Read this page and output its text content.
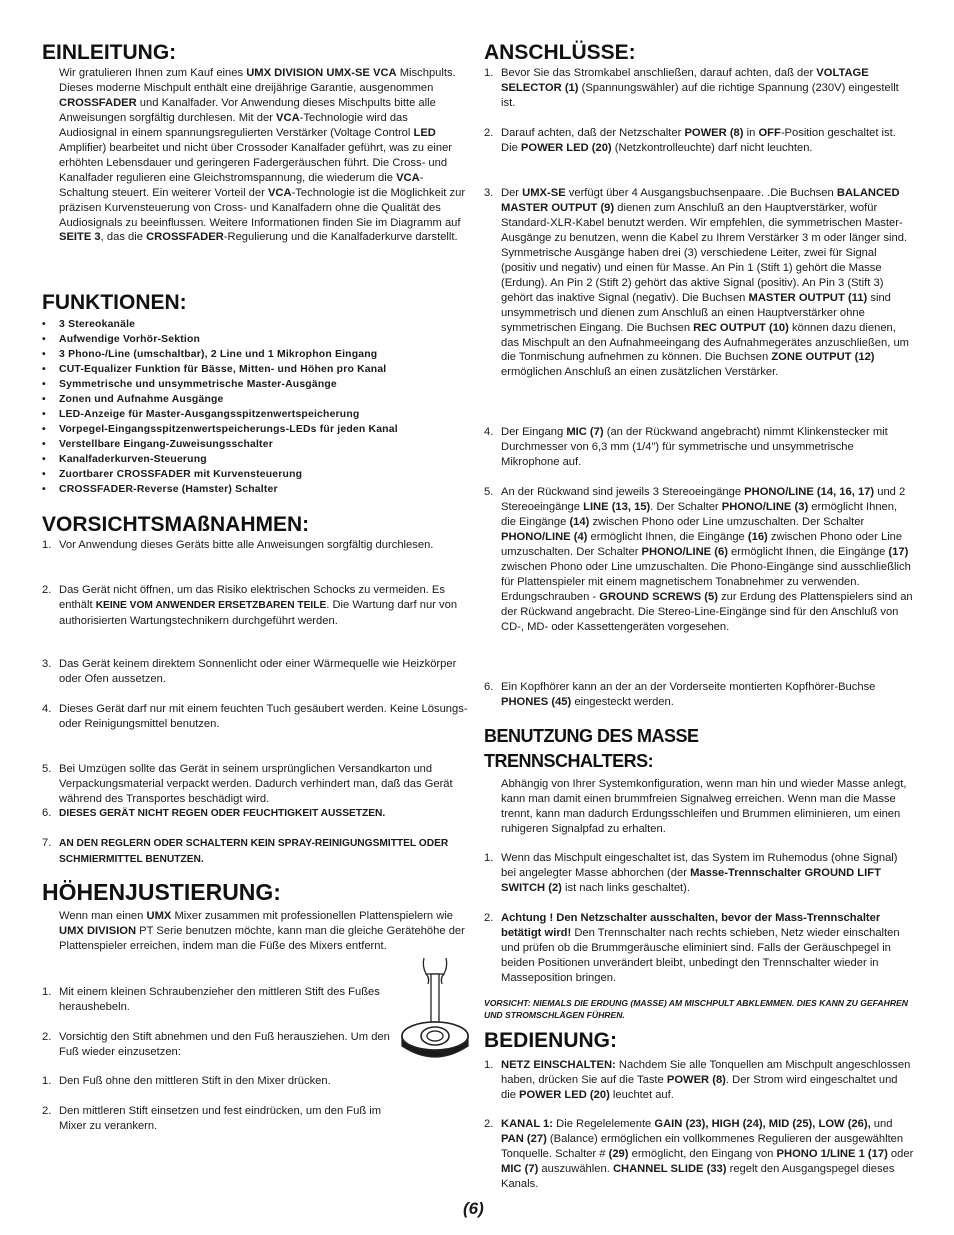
EINLEITUNG:

Wir gratulieren Ihnen zum Kauf eines UMX DIVISION UMX-SE VCA Mischpults. Dieses moderne Mischpult enthält eine dreijährige Garantie, ausgenommen CROSSFADER und Kanalfader. Vor Anwendung dieses Mischpults bitte alle Anweisungen sorgfältig durchlesen. Mit der VCA-Technologie wird das Audiosignal in einem spannungsregulierten Verstärker (Voltage Control LED Amplifier) bearbeitet und nicht über Crossoder Kanalfader geführt, was zu einer erhöhten Lebensdauer und geringeren Fadergeräuschen führt. Die Cross- und Kanalfader regulieren eine Gleichstromspannung, die wiederum die VCA-Schaltung steuert. Ein weiterer Vorteil der VCA-Technologie ist die Möglichkeit zur präzisen Kurvensteuerung von Cross- und Kanalfadern ohne die Qualität des Audiosignals zu beeinflussen. Weitere Informationen finden Sie im Diagramm auf SEITE 3, das die CROSSFADER-Regulierung und die Kanalfaderkurve darstellt.

FUNKTIONEN:
• 3 Stereokanäle
• Aufwendige Vorhör-Sektion
• 3 Phono-/Line (umschaltbar), 2 Line und 1 Mikrophon Eingang
• CUT-Equalizer Funktion für Bässe, Mitten- und Höhen pro Kanal
• Symmetrische und unsymmetrische Master-Ausgänge
• Zonen und Aufnahme Ausgänge
• LED-Anzeige für Master-Ausgangsspitzenwertspeicherung
• Vorpegel-Eingangsspitzenwertspeicherungs-LEDs für jeden Kanal
• Verstellbare Eingang-Zuweisungsschalter
• Kanalfaderkurven-Steuerung
• Zuortbarer CROSSFADER mit Kurvensteuerung
• CROSSFADER-Reverse (Hamster) Schalter
VORSICHTSMAßNAHMEN:
1. Vor Anwendung dieses Geräts bitte alle Anweisungen sorgfältig durchlesen.
2. Das Gerät nicht öffnen, um das Risiko elektrischen Schocks zu vermeiden. Es enthält KEINE VOM ANWENDER ERSETZBAREN TEILE. Die Wartung darf nur von authorisierten Wartungstechnikern durchgeführt werden.
3. Das Gerät keinem direktem Sonnenlicht oder einer Wärmequelle wie Heizkörper oder Ofen aussetzen.
4. Dieses Gerät darf nur mit einem feuchten Tuch gesäubert werden. Keine Lösungs- oder Reinigungsmittel benutzen.
5. Bei Umzügen sollte das Gerät in seinem ursprünglichen Versandkarton und Verpackungsmaterial verpackt werden. Dadurch verhindert man, daß das Gerät während des Transportes beschädigt wird.
6. DIESES GERÄT NICHT REGEN ODER FEUCHTIGKEIT AUSSETZEN.
7. AN DEN REGLERN ODER SCHALTERN KEIN SPRAY-REINIGUNGSMITTEL ODER SCHMIERMITTEL BENUTZEN.
HÖHENJUSTIERUNG:

Wenn man einen UMX Mixer zusammen mit professionellen Plattenspielern wie UMX DIVISION PT Serie benutzen möchte, kann man die gleiche Gerätehöhe der Plattenspieler erreichen, indem man die Füße des Mixers entfernt.

1. Mit einem kleinen Schraubenzieher den mittleren Stift des Fußes heraushebeln.
2. Vorsichtig den Stift abnehmen und den Fuß herausziehen. Um den Fuß wieder einzusetzen:
1. Den Fuß ohne den mittleren Stift in den Mixer drücken.
2. Den mittleren Stift einsetzen und fest eindrücken, um den Fuß im Mixer zu verankern.
ANSCHLÜSSE:
1. Bevor Sie das Stromkabel anschließen, darauf achten, daß der VOLTAGE SELECTOR (1) (Spannungswähler) auf die richtige Spannung (230V) eingestellt ist.
2. Darauf achten, daß der Netzschalter POWER (8) in OFF-Position geschaltet ist. Die POWER LED (20) (Netzkontrolleuchte) darf nicht leuchten.
3. Der UMX-SE verfügt über 4 Ausgangsbuchsenpaare. .Die Buchsen BALANCED MASTER OUTPUT (9) dienen zum Anschluß an den Hauptverstärker, wofür Standard-XLR-Kabel benutzt werden. Wir empfehlen, die symmetrischen Master-Ausgänge zu benutzen, wenn die Kabel zu Ihrem Verstärker 3 m oder länger sind. Symmetrische Ausgänge haben drei (3) verschiedene Leiter, zwei für Signal (positiv und negativ) und einen für Masse. An Pin 1 (Stift 1) gehört die Masse (Erdung). An Pin 2 (Stift 2) gehört das aktive Signal (positiv). An Pin 3 (Stift 3) gehört das inaktive Signal (negativ). Die Buchsen MASTER OUTPUT (11) sind unsymmetrisch und dienen zum Anschluß an einen Hauptverstärker ohne symmetrischen Eingang. Die Buchsen REC OUTPUT (10) können dazu dienen, das Mischpult an den Aufnahmeeingang des Aufnahmegerätes anzuschließen, um die Tonmischung aufnehmen zu können. Die Buchsen ZONE OUTPUT (12) ermöglichen Anschluß an einen zusätzlichen Verstärker.
4. Der Eingang MIC (7) (an der Rückwand angebracht) nimmt Klinkenstecker mit Durchmesser von 6,3 mm (1/4") für symmetrische und unsymmetrische Mikrophone auf.
5. An der Rückwand sind jeweils 3 Stereoeingänge PHONO/LINE (14, 16, 17) und 2 Stereoeingänge LINE (13, 15). Der Schalter PHONO/LINE (3) ermöglicht Ihnen, die Eingänge (14) zwischen Phono oder Line umzuschalten. Der Schalter PHONO/LINE (4) ermöglicht Ihnen, die Eingänge (16) zwischen Phono oder Line umzuschalten. Der Schalter PHONO/LINE (6) ermöglicht Ihnen, die Eingänge (17) zwischen Phono oder Line umzuschalten. Die Phono-Eingänge sind ausschließlich für Plattenspieler mit einem magnetischem Tonabnehmer zu verwenden. Erdungschrauben - GROUND SCREWS (5) zur Erdung des Plattenspielers sind an der Rückwand angebracht. Die Stereo-Line-Eingänge sind für den Anschluß von CD-, MD- oder Kassettengeräten vorgesehen.
6. Ein Kopfhörer kann an der an der Vorderseite montierten Kopfhörer-Buchse PHONES (45) eingesteckt werden.
BENUTZUNG DES MASSE
TRENNSCHALTERS:

Abhängig von Ihrer Systemkonfiguration, wenn man hin und wieder Masse anlegt, kann man damit einen brummfreien Signalweg erreichen. Wenn man die Masse trennt, kann man dadurch Erdungsschleifen und Brummen eliminieren, um einen ruhigeren Signalpfad zu erhalten.

1. Wenn das Mischpult eingeschaltet ist, das System im Ruhemodus (ohne Signal) bei angelegter Masse abhorchen (der Masse-Trennschalter GROUND LIFT SWITCH (2) ist nach links geschaltet).
2. Achtung ! Den Netzschalter ausschalten, bevor der Mass-Trennschalter betätigt wird! Den Trennschalter nach rechts schieben, Netz wieder einschalten und prüfen ob die Brummgeräusche eliminiert sind. Falls der Geräuschpegel in beiden Positionen unverändert bleibt, unbedingt den Trennschalter wieder in Masseposition bringen.
VORSICHT: NIEMALS DIE ERDUNG (MASSE) AM MISCHPULT ABKLEMMEN. DIES KANN ZU GEFAHREN UND STROMSCHLÄGEN FÜHREN.
BEDIENUNG:
1. NETZ EINSCHALTEN: Nachdem Sie alle Tonquellen am Mischpult angeschlossen haben, drücken Sie auf die Taste POWER (8). Der Strom wird eingeschaltet und die POWER LED (20) leuchtet auf.
2. KANAL 1: Die Regelelemente GAIN (23), HIGH (24), MID (25), LOW (26), und PAN (27) (Balance) ermöglichen ein vollkommenes Regulieren der ausgewählten Tonquelle. Schalter # (29) ermöglicht, den Eingang von PHONO 1/LINE 1 (17) oder MIC (7) auszuwählen. CHANNEL SLIDE (33) regelt den Ausgangspegel dieses Kanals.
(6)
